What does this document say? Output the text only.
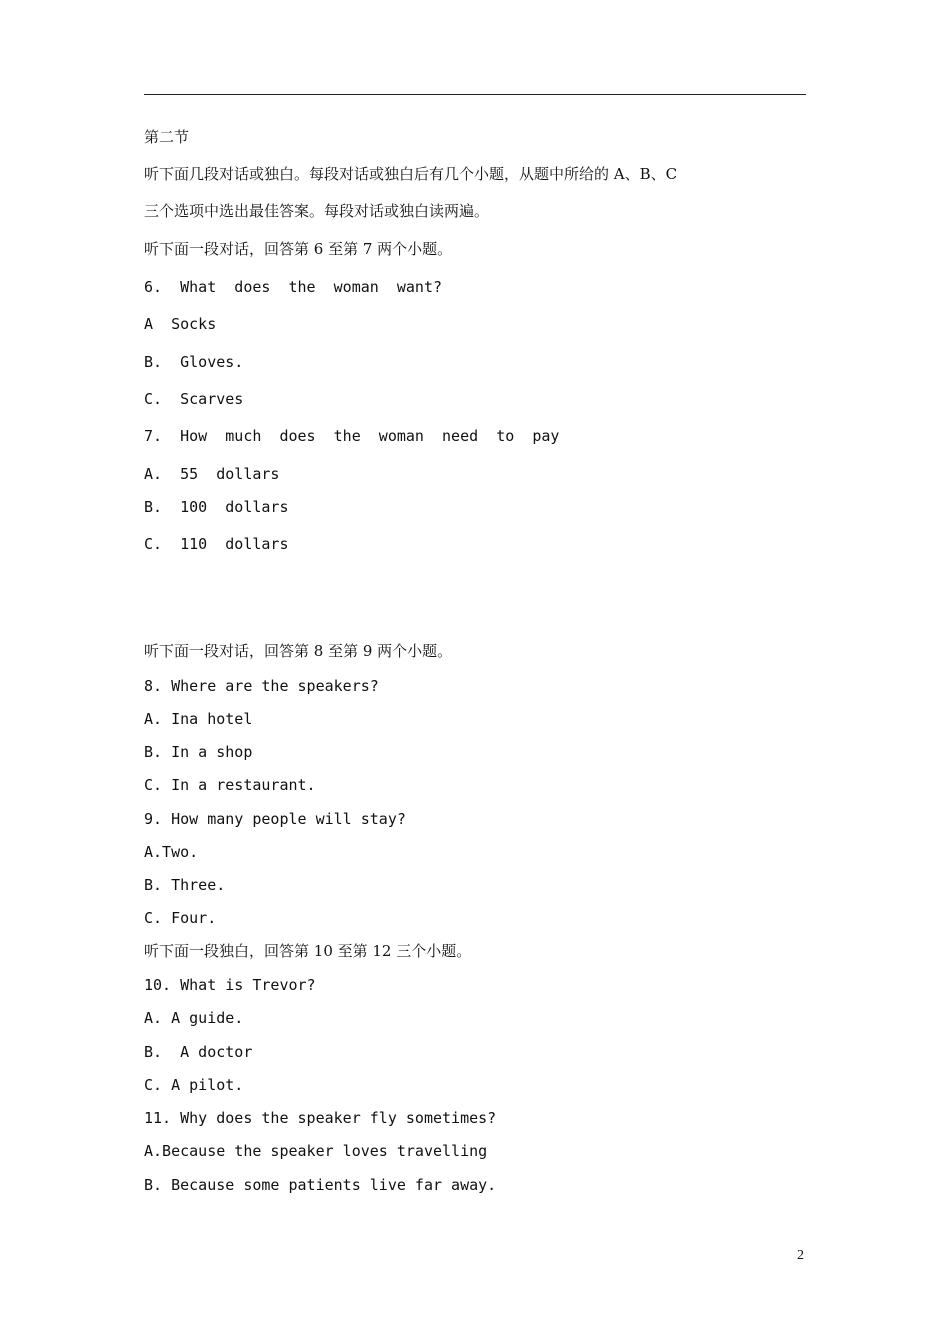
第二节
听下面几段对话或独白。每段对话或独白后有几个小题，从题中所给的 A、B、C
三个选项中选出最佳答案。每段对话或独白读两遍。
听下面一段对话，回答第 6 至第 7 两个小题。
6.  What  does  the  woman  want?
A  Socks
B.  Gloves.
C.  Scarves
7.  How  much  does  the  woman  need  to  pay
A.  55  dollars
B.  100  dollars
C.  110  dollars
听下面一段对话，回答第 8 至第 9 两个小题。
8. Where are the speakers?
A. Ina hotel
B. In a shop
C. In a restaurant.
9. How many people will stay?
A.Two.
B. Three.
C. Four.
听下面一段独白，回答第 10 至第 12 三个小题。
10. What is Trevor?
A. A guide.
B.  A doctor
C. A pilot.
11. Why does the speaker fly sometimes?
A.Because the speaker loves travelling
B. Because some patients live far away.
2
